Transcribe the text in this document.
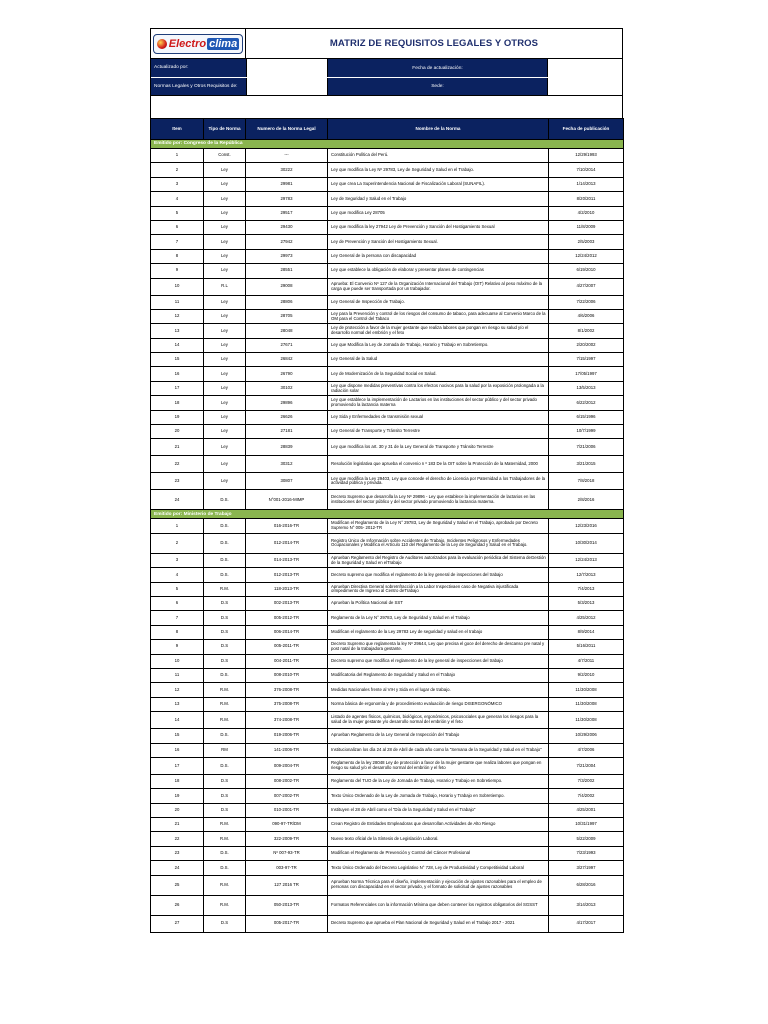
Electro clima	MATRIZ DE REQUISITOS LEGALES Y OTROS
Actualizado por:	Fecha de actualización:
Normas Legales y Otros Requisitos de:	Sede:
Item	Tipo de Norma	Numero de la Norma Legal	Nombre de la Norma	Fecha de publicación
Emitido por: Congreso de la República				
1	Const.	---	Constitución Política del Perú.	12/29/1993
2	Ley	30222	Ley que modifica la Ley Nº 29783, Ley de Seguridad y Salud en el Trabajo.	7/10/2014
3	Ley	29981	Ley que crea La Superintendencia Nacional de Fiscalización Laboral (SUNAFIL).	1/14/2013
4	Ley	29783	Ley de Seguridad y Salud en el Trabajo	8/20/2011
5	Ley	29517	Ley que modifica Ley 28705	4/2/2010
6	Ley	29430	Ley que modifica la ley 27942 Ley de Prevención y Sanción del Hostigamiento Sexual	11/8/2009
7	Ley	27942	Ley de Prevención y Sanción del Hostigamiento Sexual.	2/5/2003
8	Ley	29973	Ley General de la persona con discapacidad	12/24/2012
9	Ley	28551	Ley que establece la obligación de elaborar y presentar planes de contingencias	6/19/2010
10	R.L	29008	Aprueba: El Convenio Nº 127 de la Organización Internacional del Trabajo (OIT) Relativo al peso máximo de la carga que puede ser transportada por un trabajador.	4/27/2007
11	Ley	28806	Ley General de Inspección de Trabajo.	7/22/2006
12	Ley	28705	Ley para la Prevención y control de los riesgos del consumo de tabaco, para adecuarse al Convenio Marco de la OM para el Control del Tabaco	4/6/2006
13	Ley	28048	Ley de protección a favor de la mujer gestante que realiza labores que pongan en riesgo su salud y/o el desarrollo normal del embrión y el feto	8/1/2002
14	Ley	27671	Ley que Modifica la Ley de Jornada de Trabajo, Horario y Trabajo en Sobretiempo.	2/20/2002
15	Ley	26842	Ley General de la Salud	7/15/1997
16	Ley	26790	Ley de Modernización de la Seguridad Social en Salud.	17/05/1997
17	Ley	30102	Ley que dispone medidas preventivas contra los efectos nocivos para la salud por la exposición prolongada a la radiación solar	13/5/2013
18	Ley	29896	Ley que establece la implementación de Lactarios en las instituciones del sector público y del sector privado promoviendo la lactancia materna	6/22/2012
19	Ley	26626	Ley Sida y Enfermedades de transmisión sexual	6/15/1996
20	Ley	27181	Ley General de Transporte y Tránsito Terrestre	10/7/1999
21	Ley	28839	Ley que modifica los art. 30 y 31 de la Ley General de Transporte y Tránsito Terrestre	7/21/2006
22	Ley	30312	Resolución legislativa que aprueba el convenio n º 183 De la OIT sobre la Protección de la Maternidad, 2000	3/21/2015
23	Ley	30807	Ley que modifica la Ley 29403, Ley que concede el derecho de Licencia por Paternidad a los Trabajadores de la actividad pública y privada.	7/8/2018
24	D.S.	N°001-2016-MIMP	Decreto Supremo que desarrolla la Ley Nº 29896 - Ley que establece la implementación de lactarios en las instituciones del sector público y del sector privado promoviendo la lactancia materna.	2/8/2016
Emitido por: Ministerio de Trabajo				
1	D.S.	016-2016-TR	Modifican el Reglamento de la Ley N° 29783, Ley de Seguridad y Salud en el Trabajo, aprobado por Decreto Supremo N° 005- 2012-TR	12/23/2016
2	D.S.	012-2014-TR	Registro Único de Información sobre Accidentes de Trabajo, Incidentes Peligrosos y Enfermedades Ocupacionales y Modifica el Artículo 110 del Reglamento de la Ley de Seguridad y Salud en el Trabajo.	10/30/2014
3	D.S.	014-2013-TR	Aprueban Reglamento del Registro de Auditores autorizados para la evaluación periódica del Sistema deGestión de la Seguridad y Salud en elTrabajo	12/24/2013
4	D.S.	012-2013-TR	Decreto supremo que modifica el reglamento de la ley general de inspecciones del trabajo	12/7/2013
5	R.M.	118-2013-TR	Aprueban Directiva General sobreInfracción a la Labor Inspectivaen caso de Negativa injustificada oImpedimento de Ingreso al Centro deTrabajo	7/4/2013
6	D.S	002-2013-TR	Aprueban la Política Nacional de SST	5/3/2013
7	D.S	005-2012-TR	Reglamento de la Ley N° 29783, Ley de Seguridad y Salud en el Trabajo	4/25/2012
8	D.S	006-2014-TR	Modifican el reglamento de la Ley 29783 Ley de seguridad y salud en el trabajo	8/9/2014
9	D.S	005-2011-TR	Decreto Supremo que reglamenta la ley Nº 29644, Ley que precisa el goce del derecho de descanso pre natal y post natal de la trabajadora gestante.	5/16/2011
10	D.S	004-2011-TR	Decreto supremo que modifica el reglamento de la ley general de inspecciones del trabajo	4/7/2011
11	D.S.	008-2010-TR	Modificatoria del Reglamento de Seguridad y Salud en el Trabajo	9/2/2010
12	R.M.	376-2008-TR	Medidas Nacionales frente al VIH y Sida en el lugar de trabajo.	11/30/2008
13	R.M.	375-2008-TR	Norma básica de ergonomía y de procedimiento evaluación de riesgo DISERGONÓMICO	11/30/2008
14	R.M.	374-2008-TR	Listado de agentes físicos, químicos, biológicos, ergonómicos, psicosociales que generan los riesgos para la salud de la mujer gestante y/o desarrollo normal del embrión y el feto	11/30/2008
15	D.S.	019-2006-TR	Aprueban Reglamento de la Ley General de Inspección del Trabajo	10/29/2006
16	RM	141-2006-TR	Institucionalizan los día 24 al 28 de Abril de cada año como la "Semana de la Seguridad y Salud en el Trabajo"	4/7/2006
17	D.S.	009-2004-TR	Reglamento de la ley 28048 Ley de protección a favor de la mujer gestante que realiza labores que pongan en riesgo su salud y/o el desarrollo normal del embrión y el feto	7/21/2004
18	D.S	008-2002-TR	Reglamento del TUO de la Ley de Jornada de Trabajo, Horario y Trabajo en Sobretiempo.	7/3/2002
19	D.S	007-2002-TR	Texto Único Ordenado de la Ley de Jornada de Trabajo, Horario y Trabajo en Sobretiempo.	7/4/2002
20	D.S	010-2001-TR	Instituyen el 28 de Abril como el "Día de la Seguridad y Salud en el Trabajo"	4/25/2001
21	R.M.	090-97-TR/DM	Crean Registro de Entidades Empleadoras que desarrollan Actividades de Alto Riesgo	10/31/1997
22	R.M.	322-2009-TR	Nuevo texto oficial de la Síntesis de Legislación Laboral.	5/22/2009
23	D.S.	Nº 007-93-TR	Modifican el Reglamento de Prevención y Control del Cáncer Profesional	7/23/1993
24	D.S.	003-97-TR	Texto Único Ordenado del Decreto Legislativo N° 728, Ley de Productividad y Competitividad Laboral	3/27/1997
25	R.M.	127 2016 TR	Aprueban Norma Técnica para el diseño, implementación y ejecución de ajustes razonables para el empleo de personas con discapacidad en el sector privado, y el formato de solicitud de ajustes razonables	6/28/2016
26	R.M.	050-2013-TR	Formatos Referenciales con la información Mínima que deben contener los registros obligatorios del SGSST	3/14/2013
27	D.S	005-2017-TR	Decreto Supremo que aprueba el Plan Nacional de Seguridad y Salud en el Trabajo 2017 - 2021	4/17/2017
